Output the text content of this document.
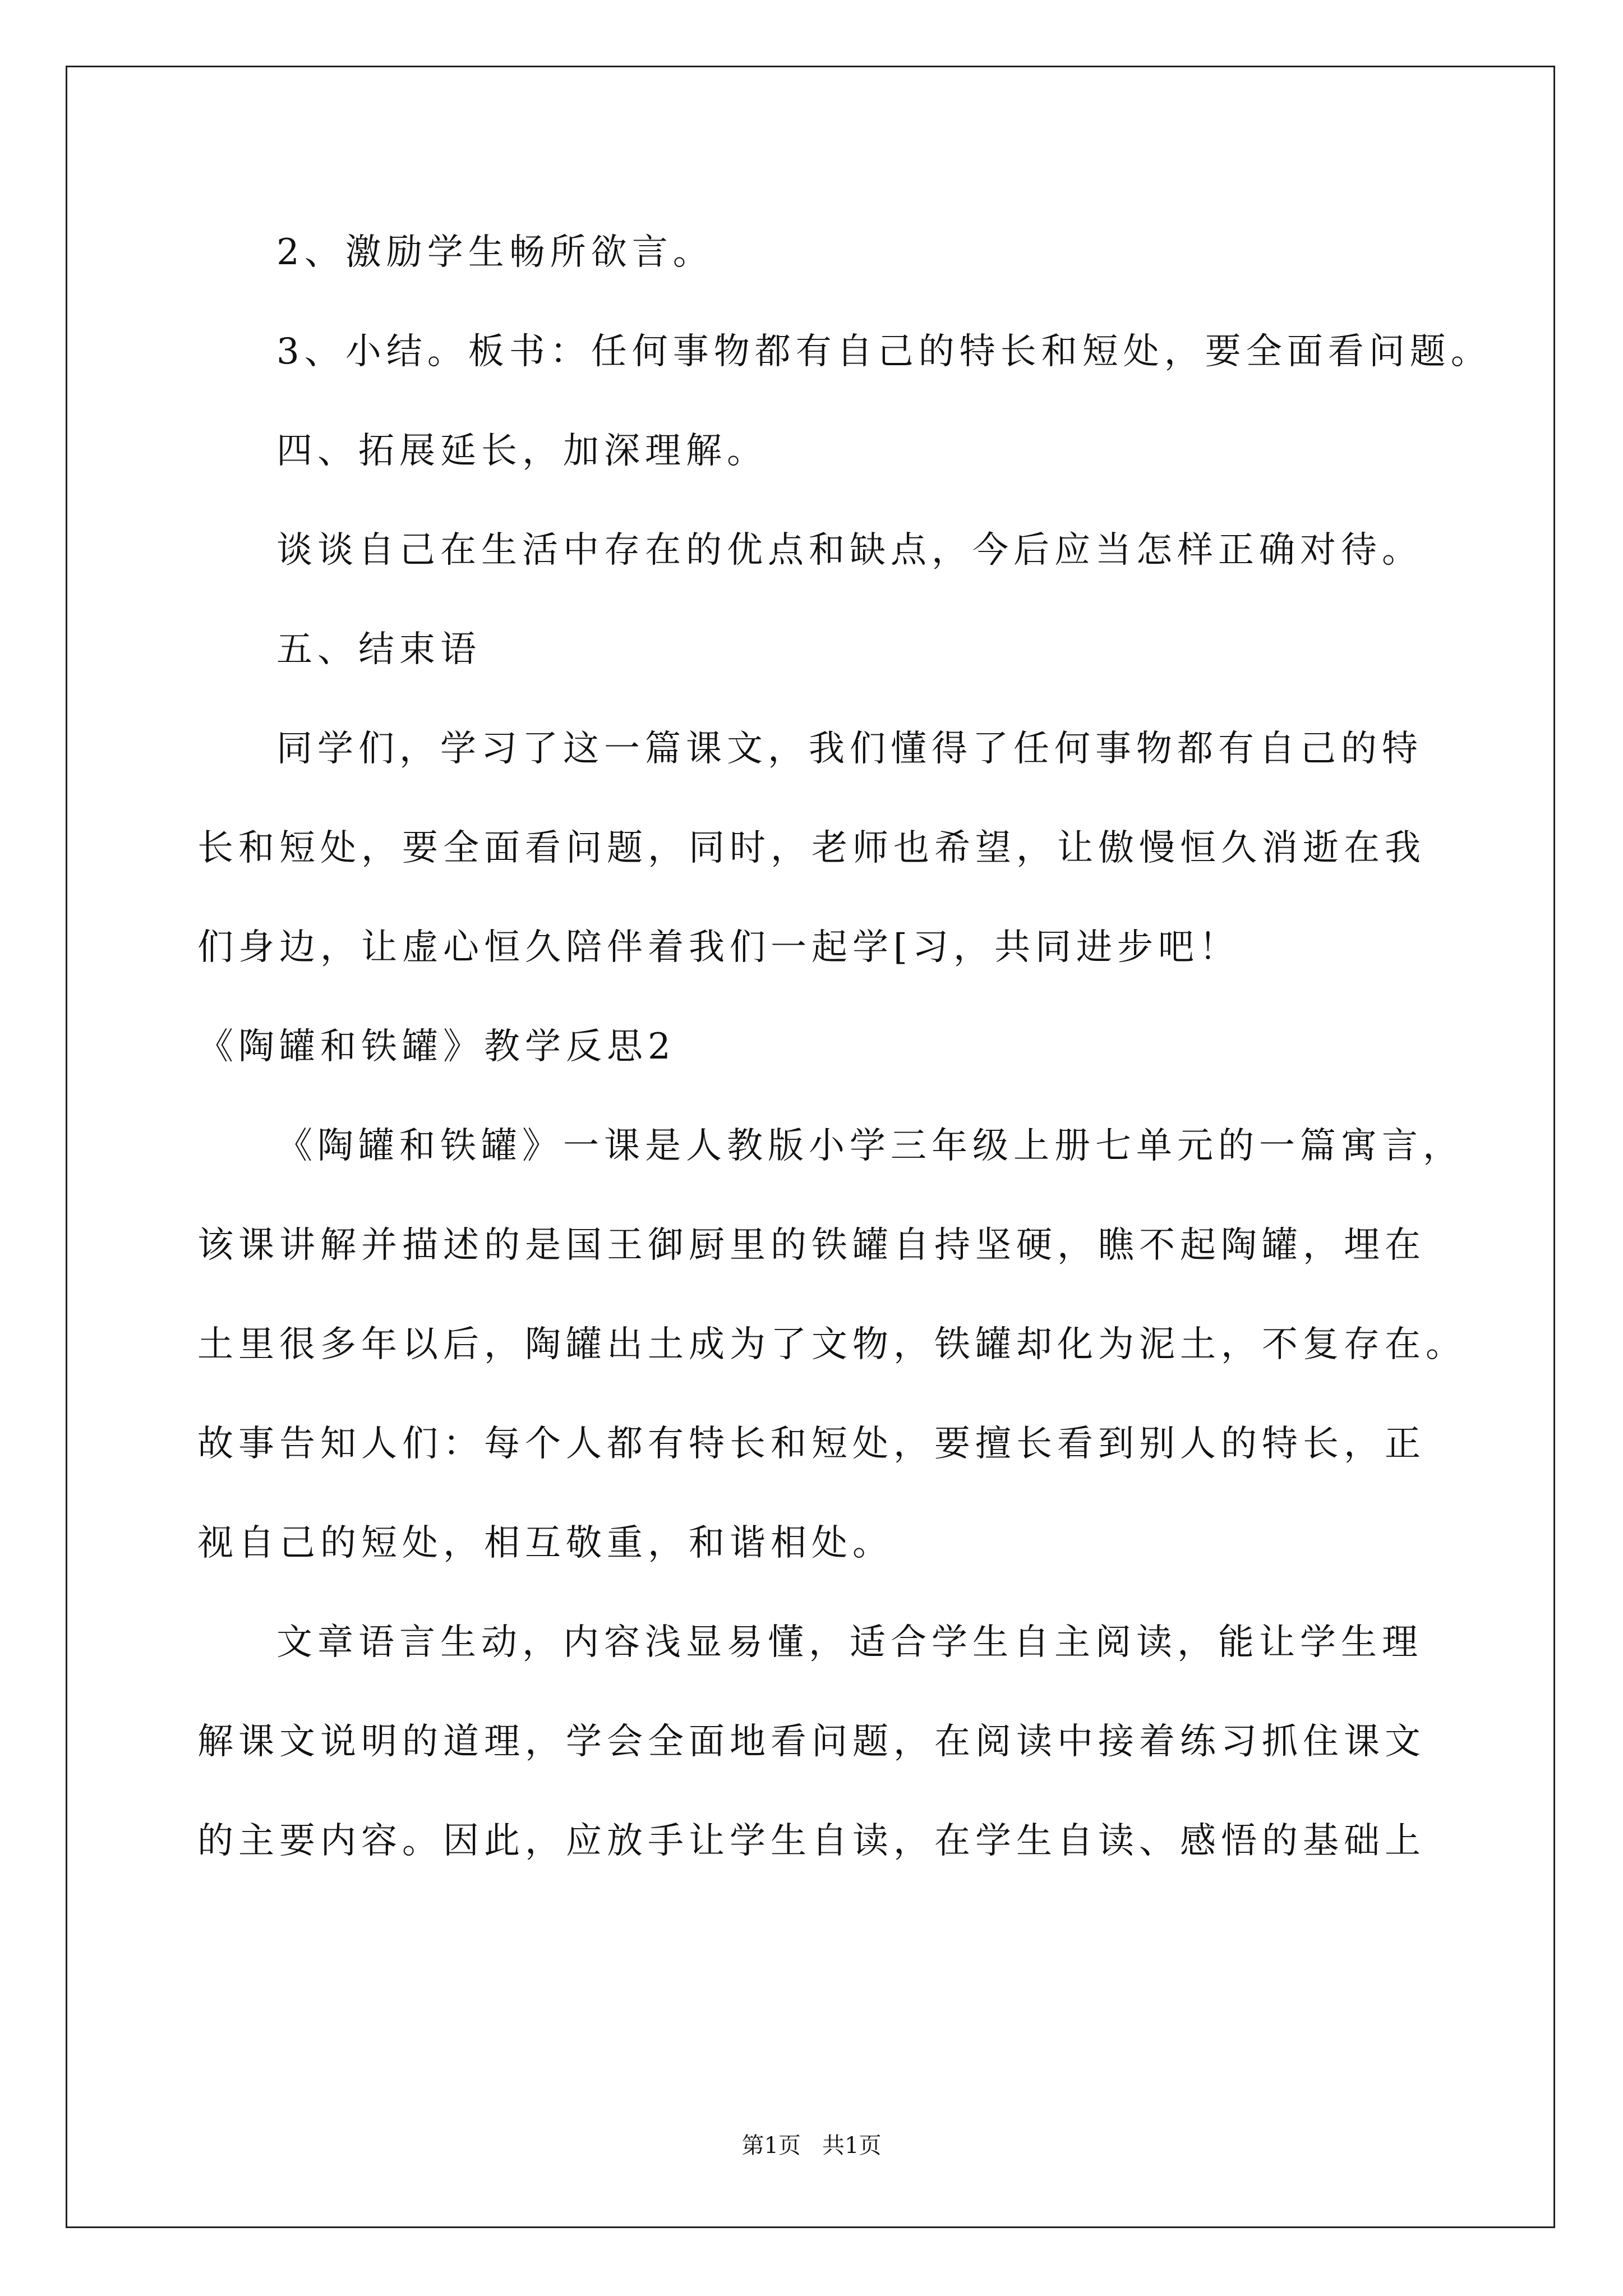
2、激励学生畅所欲言。

3、小结。板书：任何事物都有自己的特长和短处，要全面看问题。

四、拓展延长，加深理解。

谈谈自己在生活中存在的优点和缺点，今后应当怎样正确对待。

五、结束语

同学们，学习了这一篇课文，我们懂得了任何事物都有自己的特

长和短处，要全面看问题，同时，老师也希望，让傲慢恒久消逝在我

们身边，让虚心恒久陪伴着我们一起学[习，共同进步吧！

《陶罐和铁罐》教学反思2

《陶罐和铁罐》一课是人教版小学三年级上册七单元的一篇寓言，

该课讲解并描述的是国王御厨里的铁罐自持坚硬，瞧不起陶罐，埋在

土里很多年以后，陶罐出土成为了文物，铁罐却化为泥土，不复存在。

故事告知人们：每个人都有特长和短处，要擅长看到别人的特长，正

视自己的短处，相互敬重，和谐相处。

文章语言生动，内容浅显易懂，适合学生自主阅读，能让学生理

解课文说明的道理，学会全面地看问题，在阅读中接着练习抓住课文

的主要内容。因此，应放手让学生自读，在学生自读、感悟的基础上

第1页   共1页
